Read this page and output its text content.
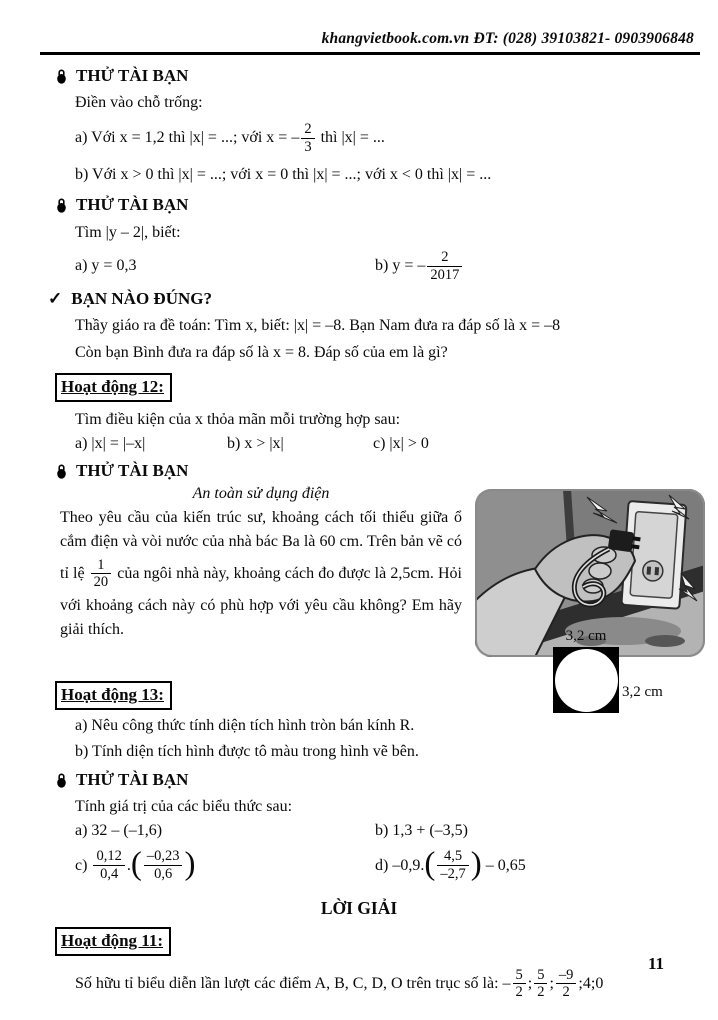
khangvietbook.com.vn ĐT: (028) 39103821- 0903906848
THỬ TÀI BẠN
Điền vào chỗ trống:
a) Với x = 1,2 thì |x| = ...; với x = – $\frac{2}{3}$ thì |x| = ...
b) Với x > 0 thì |x| = ...; với x = 0 thì |x| = ...; với x < 0 thì |x| = ...
THỬ TÀI BẠN
Tìm |y – 2|, biết:
a) y = 0,3	b) y = – $\frac{2}{2017}$
✓ BẠN NÀO ĐÚNG?
Thầy giáo ra đề toán: Tìm x, biết: |x| = –8. Bạn Nam đưa ra đáp số là x = –8
Còn bạn Bình đưa ra đáp số là x = 8. Đáp số của em là gì?
Hoạt động 12:
Tìm điều kiện của x thỏa mãn mỗi trường hợp sau:
a) |x| = |–x|	b) x > |x|	c) |x| > 0
THỬ TÀI BẠN
An toàn sử dụng điện
Theo yêu cầu của kiến trúc sư, khoảng cách tối thiểu giữa ổ cắm điện và vòi nước của nhà bác Ba là 60 cm. Trên bản vẽ có tỉ lệ $\frac{1}{20}$ của ngôi nhà này, khoảng cách đo được là 2,5cm. Hỏi với khoảng cách này có phù hợp với yêu cầu không? Em hãy giải thích.
Hoạt động 13:
a) Nêu công thức tính diện tích hình tròn bán kính R.
b) Tính diện tích hình được tô màu trong hình vẽ bên.
3,2 cm
3,2 cm
THỬ TÀI BẠN
Tính giá trị của các biểu thức sau:
a) 32 – (–1,6)	b) 1,3 + (–3,5)
$c) \frac{0,12}{0,4}$ . ( $\frac{-0,23}{0,6}$ )	d) –0,9. ( $\frac{4,5}{-2,7}$ ) – 0,65
LỜI GIẢI
Hoạt động 11:
Số hữu tỉ biểu diễn lần lượt các điểm A, B, C, D, O trên trục số là: – $\frac{5}{2}$ ; $\frac{5}{2}$ ; $\frac{-9}{2}$ ;4;0
11
